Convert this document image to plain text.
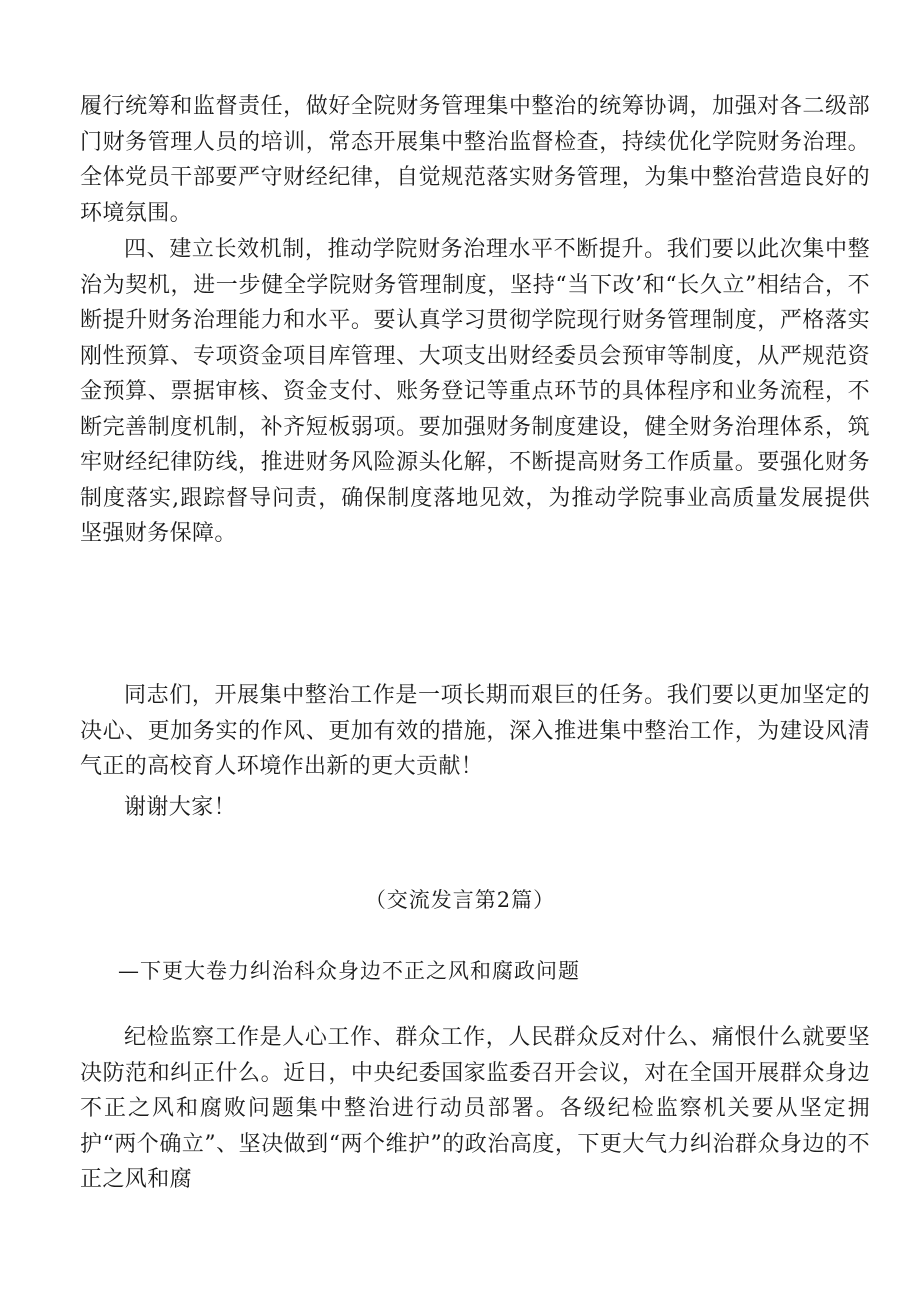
履行统筹和监督责任，做好全院财务管理集中整治的统筹协调，加强对各二级部门财务管理人员的培训，常态开展集中整治监督检查，持续优化学院财务治理。全体党员干部要严守财经纪律，自觉规范落实财务管理，为集中整治营造良好的环境氛围。

四、建立长效机制，推动学院财务治理水平不断提升。我们要以此次集中整治为契机，进一步健全学院财务管理制度，坚持“当下改’和“长久立”相结合，不断提升财务治理能力和水平。要认真学习贯彻学院现行财务管理制度，严格落实刚性预算、专项资金项目库管理、大项支出财经委员会预审等制度，从严规范资金预算、票据审核、资金支付、账务登记等重点环节的具体程序和业务流程，不断完善制度机制，补齐短板弱项。要加强财务制度建设，健全财务治理体系，筑牢财经纪律防线，推进财务风险源头化解，不断提高财务工作质量。要强化财务制度落实,跟踪督导问责，确保制度落地见效，为推动学院事业高质量发展提供坚强财务保障。

同志们，开展集中整治工作是一项长期而艰巨的任务。我们要以更加坚定的决心、更加务实的作风、更加有效的措施，深入推进集中整治工作，为建设风清气正的高校育人环境作出新的更大贡献！

谢谢大家！

（交流发言第2篇）
—下更大卷力纠治科众身边不正之风和腐政问题

纪检监察工作是人心工作、群众工作，人民群众反对什么、痛恨什么就要坚决防范和纠正什么。近日，中央纪委国家监委召开会议，对在全国开展群众身边不正之风和腐败问题集中整治进行动员部署。各级纪检监察机关要从坚定拥护“两个确立”、坚决做到“两个维护”的政治高度，下更大气力纠治群众身边的不正之风和腐
